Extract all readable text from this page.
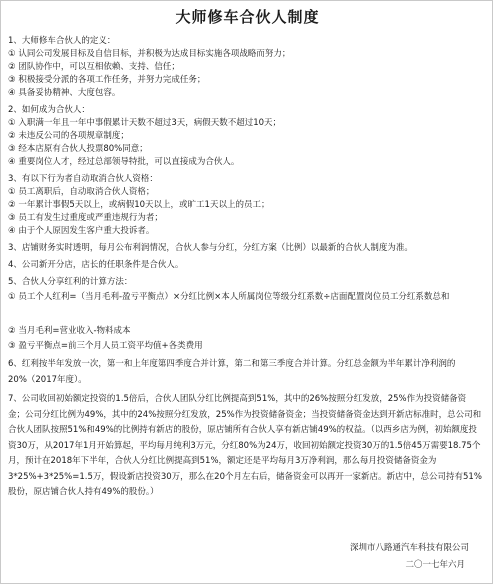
大师修车合伙人制度
1、大师修车合伙人的定义：
① 认同公司发展目标及自信目标，并积极为达成目标实施各项战略而努力；
② 团队协作中，可以互相依赖、支持、信任；
③ 积极接受分派的各项工作任务，并努力完成任务；
④ 具备妥协精神、大度包容。
2、如何成为合伙人：
① 入职满一年且一年中事假累计天数不超过3天，病假天数不超过10天；
② 未违反公司的各项规章制度；
③ 经本店原有合伙人投票80%同意；
④ 重要岗位人才，经过总部领导特批，可以直接成为合伙人。
3、有以下行为者自动取消合伙人资格：
① 员工离职后，自动取消合伙人资格；
② 一年累计事假5天以上，或病假10天以上，或旷工1天以上的员工；
③ 员工有发生过重度或严重违规行为者；
④ 由于个人原因发生客户重大投诉者。
3、店铺财务实时透明，每月公布利润情况，合伙人参与分红，分红方案（比例）以最新的合伙人制度为准。
4、公司新开分店，店长的任职条件是合伙人。
5、合伙人分享红利的计算方法：
① 员工个人红利=（当月毛利-盈亏平衡点）×分红比例×本人所属岗位等级分红系数÷店面配置岗位员工分红系数总和
② 当月毛利=营业收入-物料成本
③ 盈亏平衡点=前三个月人员工资平均值+各类费用
6、红利按半年发放一次，第一和上年度第四季度合并计算，第二和第三季度合并计算。分红总金额为半年累计净利润的20%（2017年度）。
7、公司收回初始额定投资的1.5倍后，合伙人团队分红比例提高到51%，其中的26%按照分红发放，25%作为投资储备资金；公司分红比例为49%，其中的24%按照分红发放，25%作为投资储备资金；当投资储备资金达到开新店标准时，总公司和合伙人团队按照51%和49%的比例持有新店的股份，原店铺所有合伙人享有新店铺49%的权益。（以西乡店为例，初始额度投资30万，从2017年1月开始算起，平均每月纯利3万元，分红80%为24万，收回初始额定投资30万的1.5倍45万需要18.75个月，预计在2018年下半年，合伙人分红比例提高到51%，额定还是平均每月3万净利润，那么每月投资储备资金为3*25%+3*25%=1.5万，假设新店投资30万，那么在20个月左右后，储备资金可以再开一家新店。新店中，总公司持有51%股份，原店铺合伙人持有49%的股份。）
深圳市八路通汽车科技有限公司
二〇一七年六月
